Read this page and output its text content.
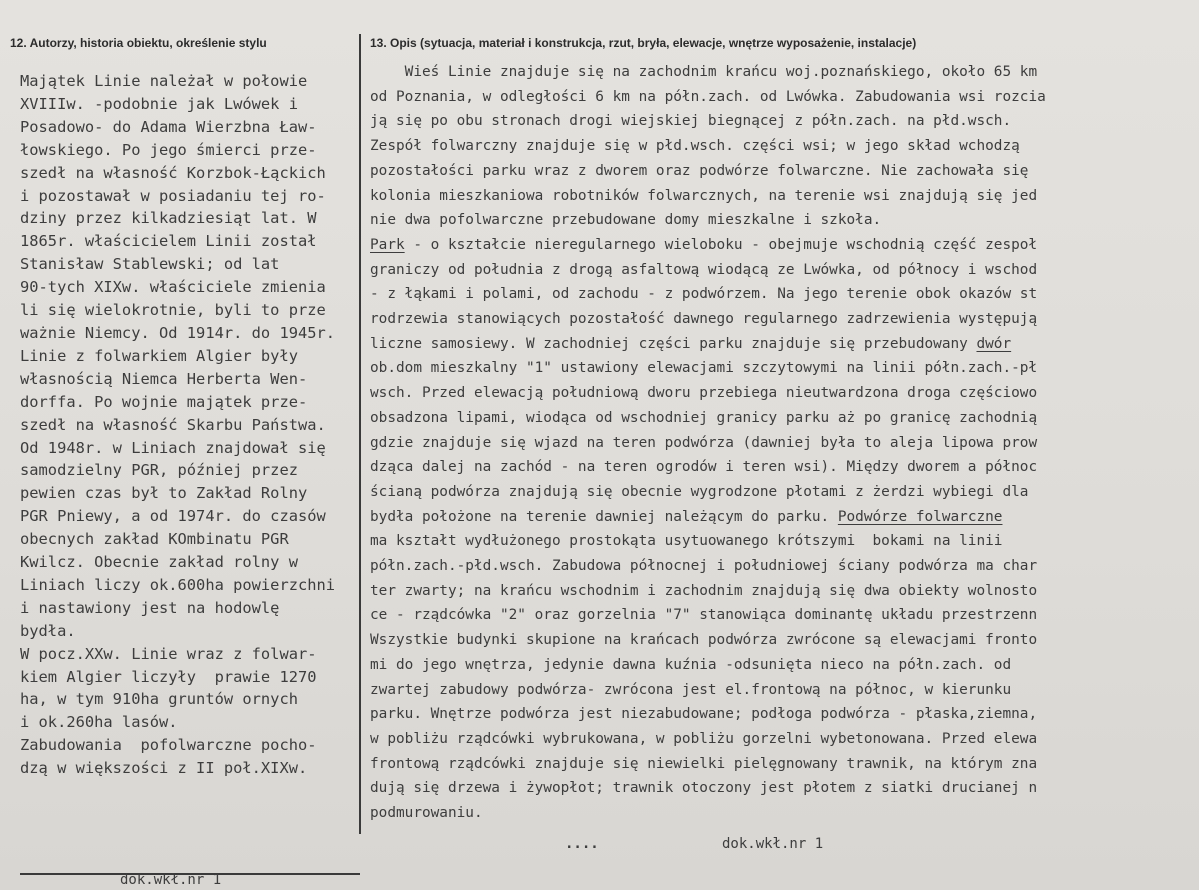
12. Autorzy, historia obiektu, określenie stylu	13. Opis (sytuacja, materiał i konstrukcja, rzut, bryła, elewacje, wnętrze wyposażenie, instalacje)
Majątek Linie należał w połowie
XVIIIw. -podobnie jak Lwówek i
Posadowo- do Adama Wierzbna Ław-
łowskiego. Po jego śmierci prze-
szedł na własność Korzbok-Łąckich
i pozostawał w posiadaniu tej ro-
dziny przez kilkadziesiąt lat. W
1865r. właścicielem Linii został
Stanisław Stablewski; od lat
90-tych XIXw. właściciele zmienia
li się wielokrotnie, byli to prze
ważnie Niemcy. Od 1914r. do 1945r.
Linie z folwarkiem Algier były
własnością Niemca Herberta Wen-
dorffa. Po wojnie majątek prze-
szedł na własność Skarbu Państwa.
Od 1948r. w Liniach znajdował się
samodzielny PGR, później przez
pewien czas był to Zakład Rolny
PGR Pniewy, a od 1974r. do czasów
obecnych zakład KOmbinatu PGR
Kwilcz. Obecnie zakład rolny w
Liniach liczy ok.600ha powierzchni
i nastawiony jest na hodowlę
bydła.
W pocz.XXw. Linie wraz z folwar-
kiem Algier liczyły  prawie 1270
ha, w tym 910ha gruntów ornych
i ok.260ha lasów.
Zabudowania  pofolwarczne pocho-
dzą w większości z II poł.XIXw.
Wieś Linie znajduje się na zachodnim krańcu woj.poznańskiego, około 65 km
od Poznania, w odległości 6 km na półn.zach. od Lwówka. Zabudowania wsi rozcia
ją się po obu stronach drogi wiejskiej biegnącej z półn.zach. na płd.wsch.
Zespół folwarczny znajduje się w płd.wsch. części wsi; w jego skład wchodzą
pozostałości parku wraz z dworem oraz podwórze folwarczne. Nie zachowała się
kolonia mieszkaniowa robotników folwarcznych, na terenie wsi znajdują się jed
nie dwa pofolwarczne przebudowane domy mieszkalne i szkoła.
Park - o kształcie nieregularnego wieloboku - obejmuje wschodnią część zespoł
graniczy od południa z drogą asfaltową wiodącą ze Lwówka, od północy i wschod
- z łąkami i polami, od zachodu - z podwórzem. Na jego terenie obok okazów st
rodrzewia stanowiących pozostałość dawnego regularnego zadrzewienia występują
liczne samosiewy. W zachodniej części parku znajduje się przebudowany dwór
ob.dom mieszkalny "1" ustawiony elewacjami szczytowymi na linii półn.zach.-pł
wsch. Przed elewacją południową dworu przebiega nieutwardzona droga częściowo
obsadzona lipami, wiodąca od wschodniej granicy parku aż po granicę zachodnią
gdzie znajduje się wjazd na teren podwórza (dawniej była to aleja lipowa prow
dząca dalej na zachód - na teren ogrodów i teren wsi). Między dworem a północ
ścianą podwórza znajdują się obecnie wygrodzone płotami z żerdzi wybiegi dla
bydła położone na terenie dawniej należącym do parku. Podwórze folwarczne
ma kształt wydłużonego prostokąta usytuowanego krótszymi  bokami na linii
półn.zach.-płd.wsch. Zabudowa północnej i południowej ściany podwórza ma char
ter zwarty; na krańcu wschodnim i zachodnim znajdują się dwa obiekty wolnosto
ce - rządcówka "2" oraz gorzelnia "7" stanowiąca dominantę układu przestrzenn
Wszystkie budynki skupione na krańcach podwórza zwrócone są elewacjami fronto
mi do jego wnętrza, jedynie dawna kuźnia -odsunięta nieco na półn.zach. od
zwartej zabudowy podwórza- zwrócona jest el.frontową na północ, w kierunku
parku. Wnętrze podwórza jest niezabudowane; podłoga podwórza - płaska,ziemna,
w pobliżu rządcówki wybrukowana, w pobliżu gorzelni wybetonowana. Przed elewa
frontową rządcówki znajduje się niewielki pielęgnowany trawnik, na którym zna
dują się drzewa i żywopłot; trawnik otoczony jest płotem z siatki drucianej n
podmurowaniu.
....	dok.wkł.nr 1
dok.wkł.nr 1
